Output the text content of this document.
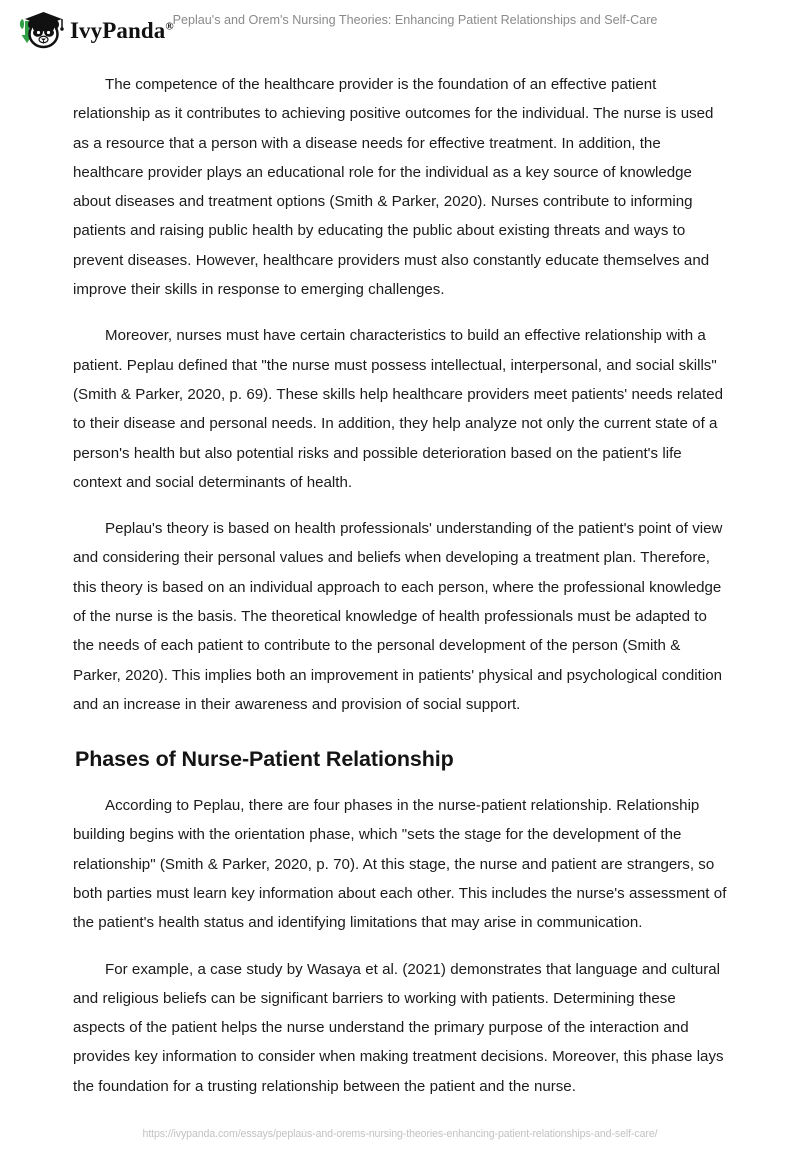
IvyPanda®
Peplau's and Orem's Nursing Theories: Enhancing Patient Relationships and Self-Care

The competence of the healthcare provider is the foundation of an effective patient relationship as it contributes to achieving positive outcomes for the individual. The nurse is used as a resource that a person with a disease needs for effective treatment. In addition, the healthcare provider plays an educational role for the individual as a key source of knowledge about diseases and treatment options (Smith & Parker, 2020). Nurses contribute to informing patients and raising public health by educating the public about existing threats and ways to prevent diseases. However, healthcare providers must also constantly educate themselves and improve their skills in response to emerging challenges.

Moreover, nurses must have certain characteristics to build an effective relationship with a patient. Peplau defined that "the nurse must possess intellectual, interpersonal, and social skills" (Smith & Parker, 2020, p. 69). These skills help healthcare providers meet patients' needs related to their disease and personal needs. In addition, they help analyze not only the current state of a person's health but also potential risks and possible deterioration based on the patient's life context and social determinants of health.

Peplau's theory is based on health professionals' understanding of the patient's point of view and considering their personal values and beliefs when developing a treatment plan. Therefore, this theory is based on an individual approach to each person, where the professional knowledge of the nurse is the basis. The theoretical knowledge of health professionals must be adapted to the needs of each patient to contribute to the personal development of the person (Smith & Parker, 2020). This implies both an improvement in patients' physical and psychological condition and an increase in their awareness and provision of social support.

Phases of Nurse-Patient Relationship

According to Peplau, there are four phases in the nurse-patient relationship. Relationship building begins with the orientation phase, which "sets the stage for the development of the relationship" (Smith & Parker, 2020, p. 70). At this stage, the nurse and patient are strangers, so both parties must learn key information about each other. This includes the nurse's assessment of the patient's health status and identifying limitations that may arise in communication.

For example, a case study by Wasaya et al. (2021) demonstrates that language and cultural and religious beliefs can be significant barriers to working with patients. Determining these aspects of the patient helps the nurse understand the primary purpose of the interaction and provides key information to consider when making treatment decisions. Moreover, this phase lays the foundation for a trusting relationship between the patient and the nurse.

https://ivypanda.com/essays/peplaus-and-orems-nursing-theories-enhancing-patient-relationships-and-self-care/
